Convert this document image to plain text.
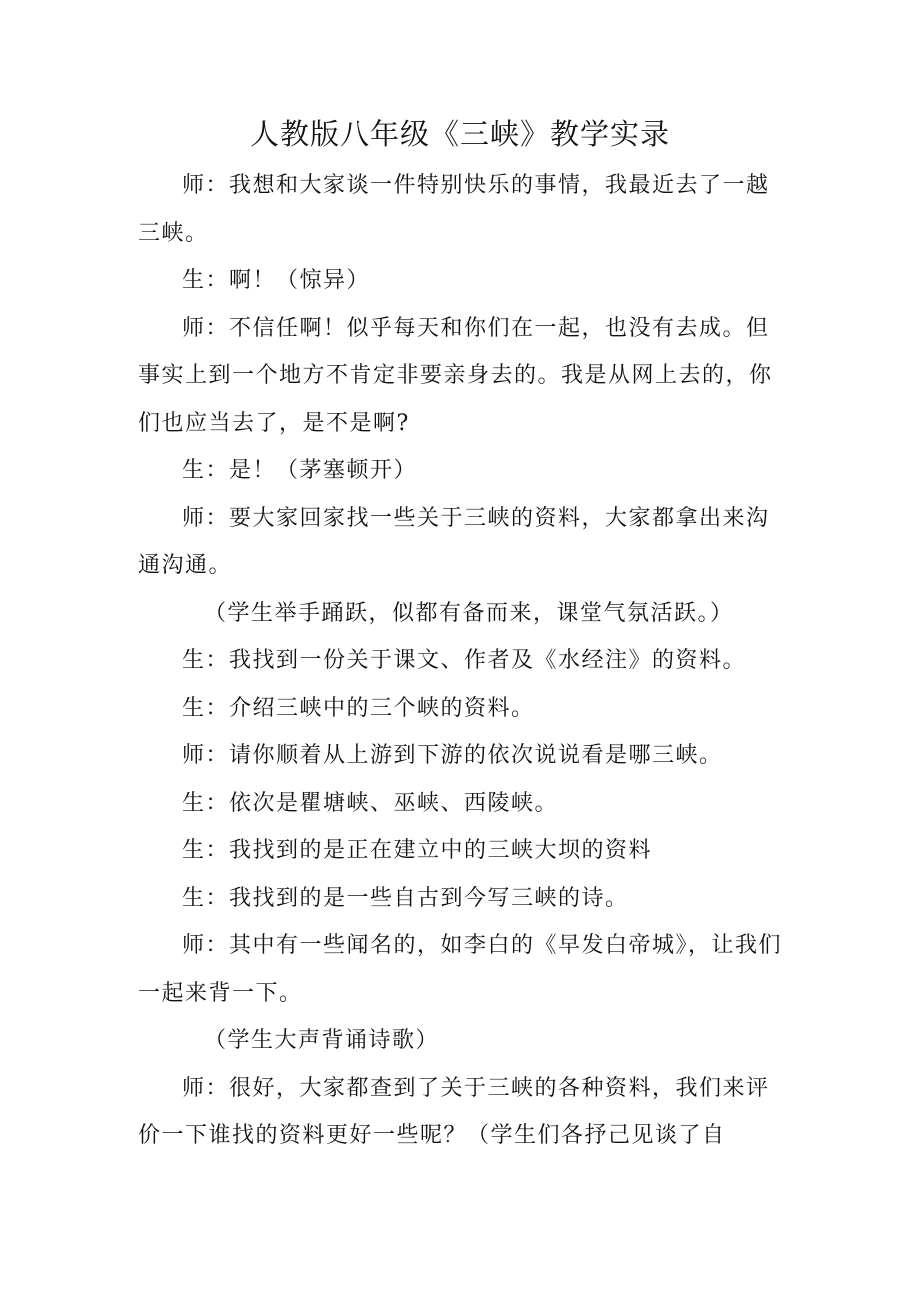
人教版八年级《三峡》教学实录

师：我想和大家谈一件特别快乐的事情，我最近去了一越三峡。

生：啊！（惊异）

师：不信任啊！似乎每天和你们在一起，也没有去成。但事实上到一个地方不肯定非要亲身去的。我是从网上去的，你们也应当去了，是不是啊?

生：是！（茅塞顿开）

师：要大家回家找一些关于三峡的资料，大家都拿出来沟通沟通。

（学生举手踊跃，似都有备而来，课堂气氛活跃。）

生：我找到一份关于课文、作者及《水经注》的资料。

生：介绍三峡中的三个峡的资料。

师：请你顺着从上游到下游的依次说说看是哪三峡。

生：依次是瞿塘峡、巫峡、西陵峡。

生：我找到的是正在建立中的三峡大坝的资料

生：我找到的是一些自古到今写三峡的诗。

师：其中有一些闻名的，如李白的《早发白帝城》，让我们一起来背一下。

（学生大声背诵诗歌）

师：很好，大家都查到了关于三峡的各种资料，我们来评价一下谁找的资料更好一些呢？（学生们各抒己见谈了自
